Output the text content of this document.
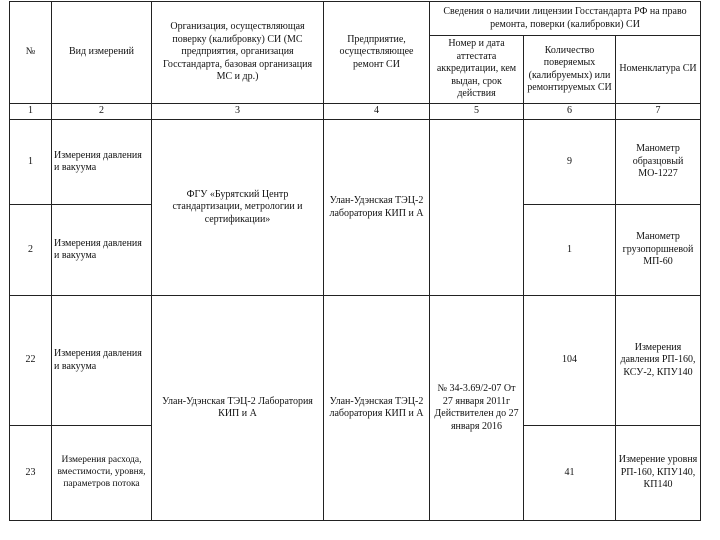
№	Вид измерений	Организация, осуществляющая поверку (калибровку) СИ (МС предприятия, организация Госстандарта, базовая организация МС и др.)	Предприятие, осуществляющее ремонт СИ	Сведения о наличии лицензии Госстандарта РФ на право ремонта, поверки (калибровки) СИ		
				Номер и дата аттестата аккредитации, кем выдан, срок действия	Количество поверяемых (калибруемых) или ремонтируемых СИ	Номенклатура СИ
1	2	3	4	5	6	7
1	Измерения давления и вакуума	ФГУ «Бурятский Центр стандартизации, метрологии и сертификации»	Улан-Удэнская ТЭЦ-2 лаборатория КИП и А		9	Манометр образцовый МО-1227
2	Измерения давления и вакуума				1	Манометр грузопоршневой МП-60
22	Измерения давления и вакуума	Улан-Удэнская ТЭЦ-2 Лаборатория КИП и А	Улан-Удэнская ТЭЦ-2 лаборатория КИП и А	№ 34-3.69/2-07 От 27 января 2011г Действителен до 27 января 2016	104	Измерения давления РП-160, КСУ-2, КПУ140
23	Измерения расхода, вместимости, уровня, параметров потока				41	Измерение уровня РП-160, КПУ140, КП140
